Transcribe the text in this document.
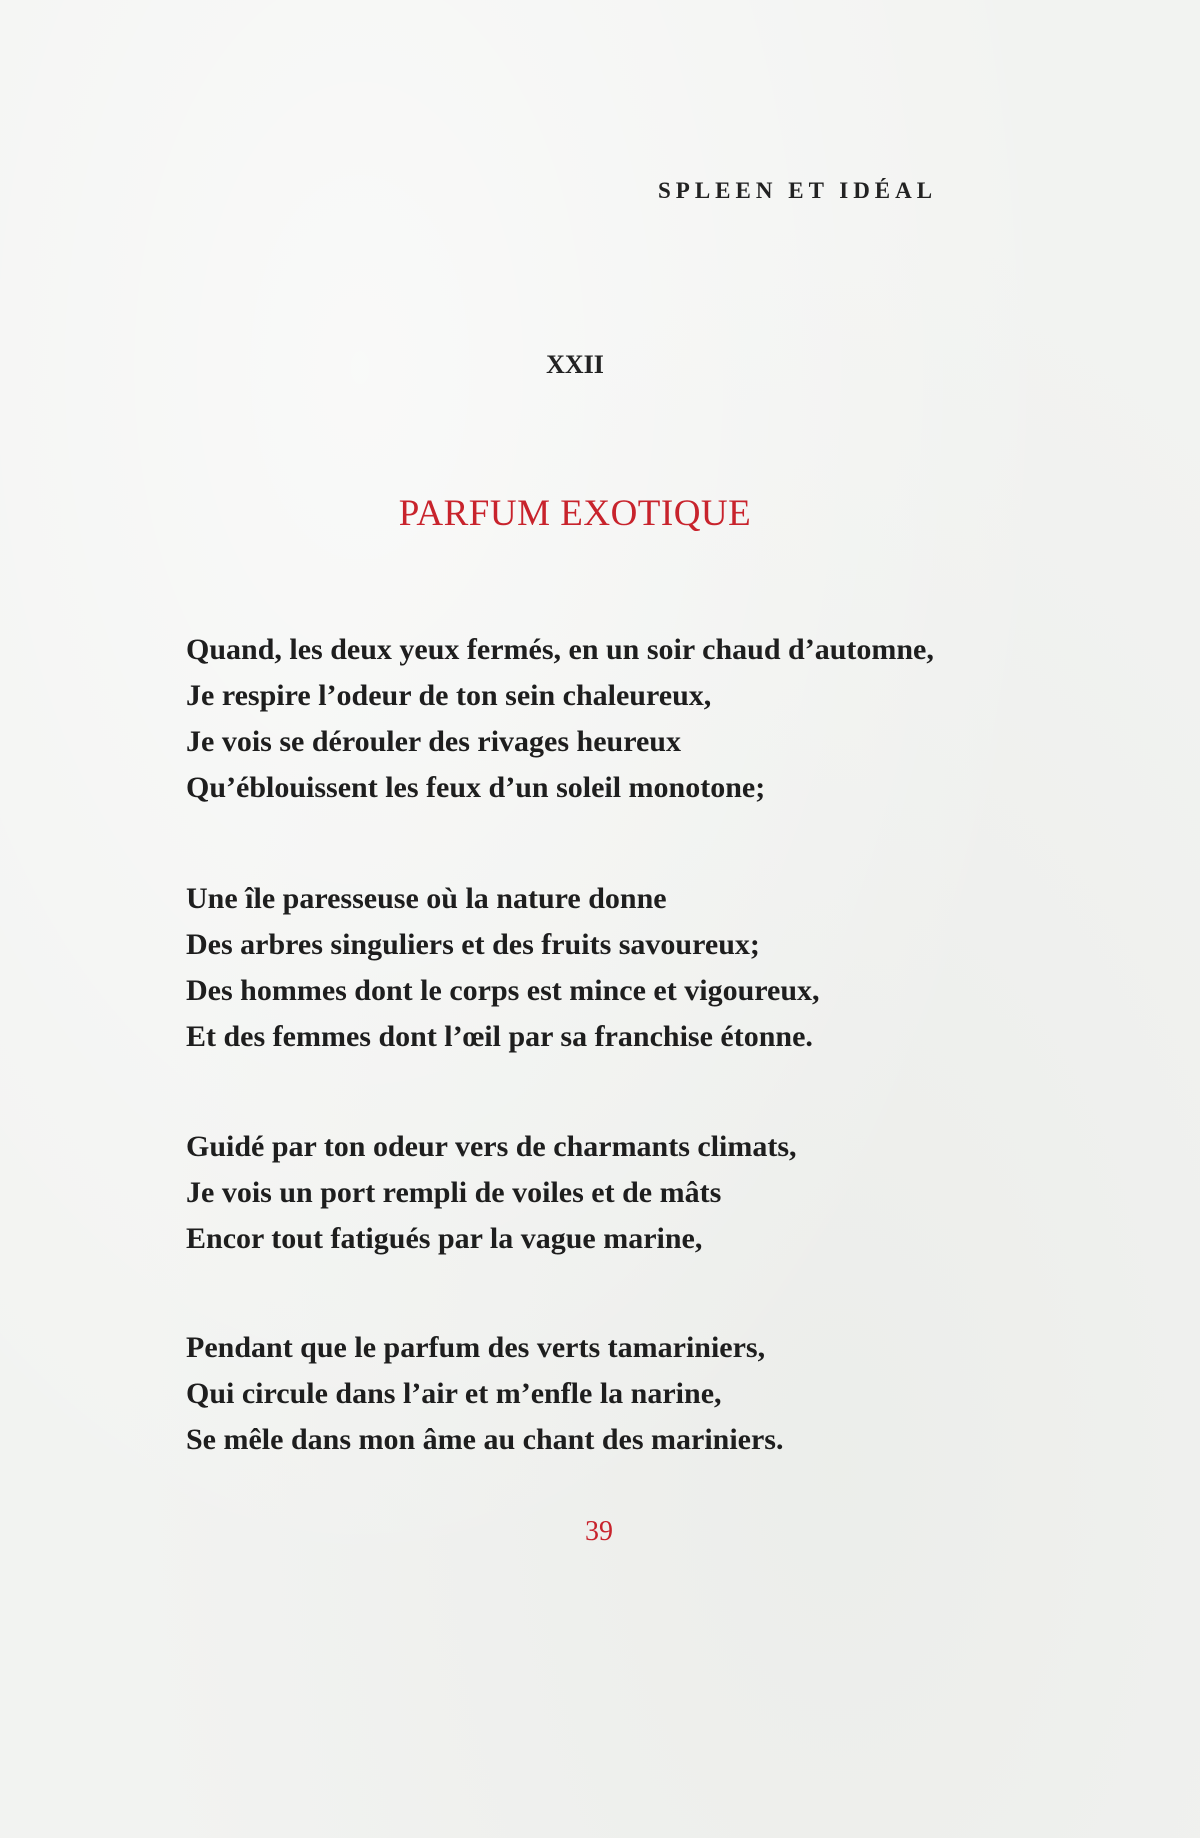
SPLEEN ET IDÉAL
XXII
PARFUM EXOTIQUE
Quand, les deux yeux fermés, en un soir chaud d’automne,
Je respire l’odeur de ton sein chaleureux,
Je vois se dérouler des rivages heureux
Qu’éblouissent les feux d’un soleil monotone;
Une île paresseuse où la nature donne
Des arbres singuliers et des fruits savoureux;
Des hommes dont le corps est mince et vigoureux,
Et des femmes dont l’œil par sa franchise étonne.
Guidé par ton odeur vers de charmants climats,
Je vois un port rempli de voiles et de mâts
Encor tout fatigués par la vague marine,
Pendant que le parfum des verts tamariniers,
Qui circule dans l’air et m’enfle la narine,
Se mêle dans mon âme au chant des mariniers.
39
